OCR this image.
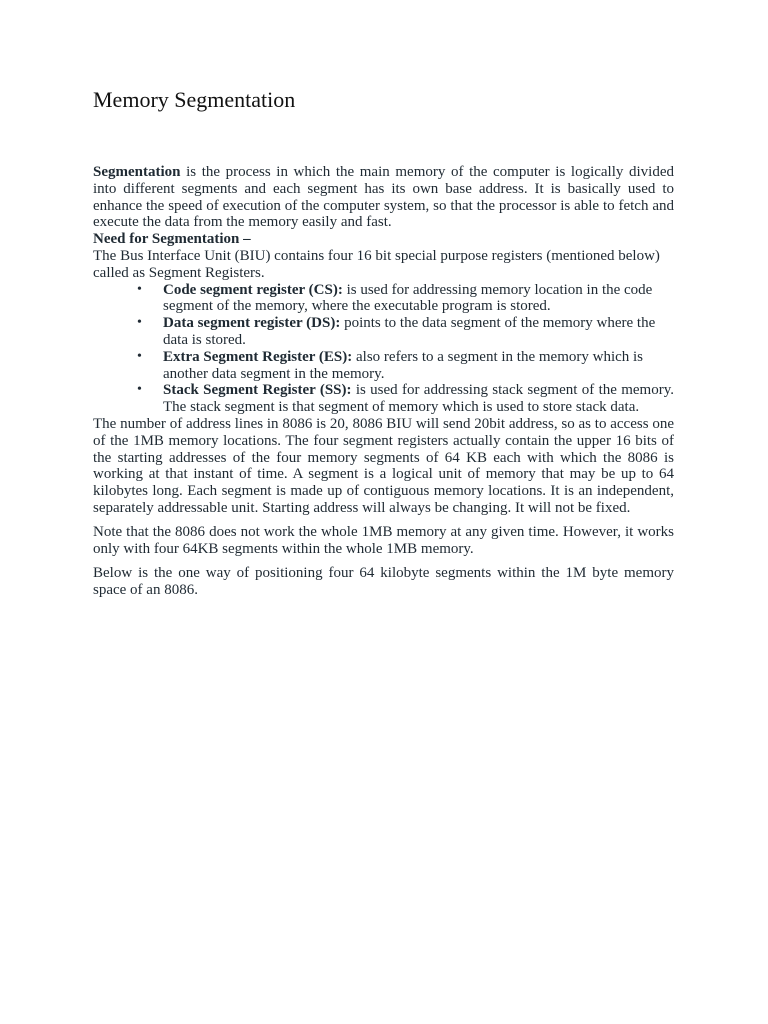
Memory Segmentation

Segmentation is the process in which the main memory of the computer is logically divided into different segments and each segment has its own base address. It is basically used to enhance the speed of execution of the computer system, so that the processor is able to fetch and execute the data from the memory easily and fast.

Need for Segmentation –

The Bus Interface Unit (BIU) contains four 16 bit special purpose registers (mentioned below) called as Segment Registers.

• Code segment register (CS): is used for addressing memory location in the code segment of the memory, where the executable program is stored.
• Data segment register (DS): points to the data segment of the memory where the data is stored.
• Extra Segment Register (ES): also refers to a segment in the memory which is another data segment in the memory.
• Stack Segment Register (SS): is used for addressing stack segment of the memory. The stack segment is that segment of memory which is used to store stack data.

The number of address lines in 8086 is 20, 8086 BIU will send 20bit address, so as to access one of the 1MB memory locations. The four segment registers actually contain the upper 16 bits of the starting addresses of the four memory segments of 64 KB each with which the 8086 is working at that instant of time. A segment is a logical unit of memory that may be up to 64 kilobytes long. Each segment is made up of contiguous memory locations. It is an independent, separately addressable unit. Starting address will always be changing. It will not be fixed.

Note that the 8086 does not work the whole 1MB memory at any given time. However, it works only with four 64KB segments within the whole 1MB memory.

Below is the one way of positioning four 64 kilobyte segments within the 1M byte memory space of an 8086.
